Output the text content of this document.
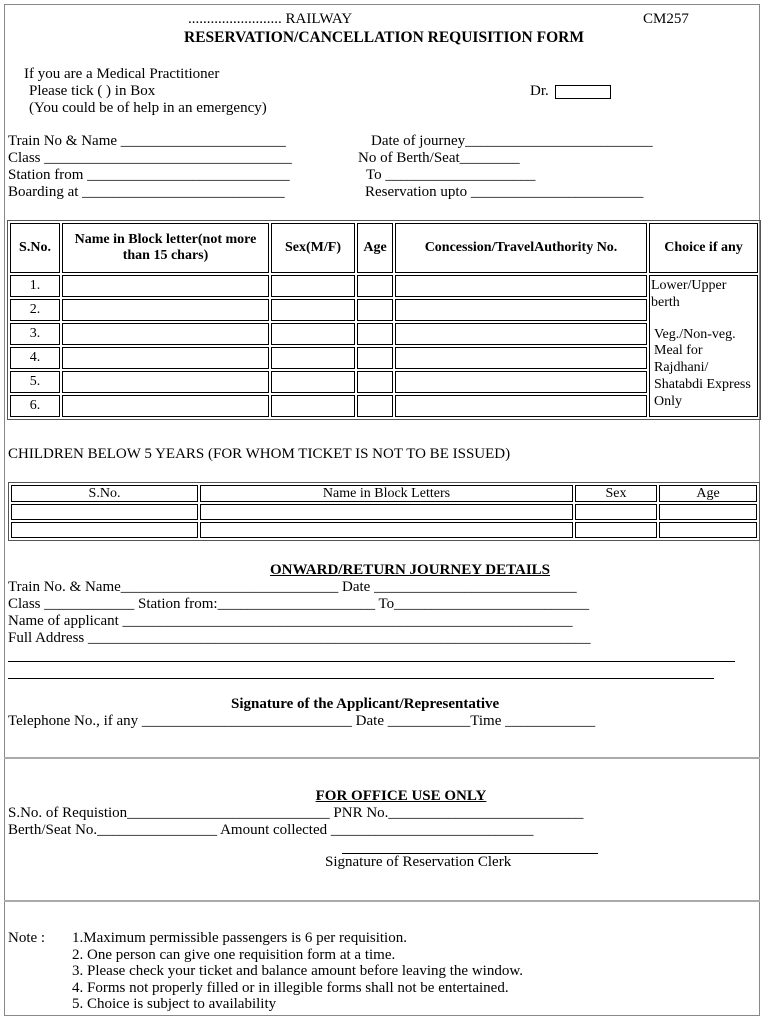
......................... RAILWAY	CM257
RESERVATION/CANCELLATION REQUISITION FORM
If you are a Medical Practitioner
Please tick ( ) in Box
(You could be of help in an emergency)
Dr.
Train No & Name ______________________	Date of journey_________________________
Class _________________________________	No of Berth/Seat________
Station from ___________________________	To ____________________
Boarding at ___________________________	Reservation upto _______________________
S.No.	Name in Block letter(not more than 15 chars)	Sex(M/F)	Age	Concession/TravelAuthority No.	Choice if any
1.					Lower/Upper berth
Veg./Non-veg. Meal for Rajdhani/ Shatabdi Express Only

2.					
3.					
4.					
5.					
6.					
CHILDREN BELOW 5 YEARS (FOR WHOM TICKET IS NOT TO BE ISSUED)
S.No.	Name in Block Letters	Sex	Age

ONWARD/RETURN JOURNEY DETAILS
Train No. & Name_____________________________ Date ___________________________
Class ____________ Station from:_____________________ To__________________________
Name of applicant ____________________________________________________________
Full Address ___________________________________________________________________
Signature of the Applicant/Representative
Telephone No., if any ____________________________ Date ___________Time ____________
FOR OFFICE USE ONLY
S.No. of Requistion___________________________ PNR No.__________________________
Berth/Seat No.________________ Amount collected ___________________________
Signature of Reservation Clerk
Note : 1.Maximum permissible passengers is 6 per requisition.
2. One person can give one requisition form at a time.
3. Please check your ticket and balance amount before leaving the window.
4. Forms not properly filled or in illegible forms shall not be entertained.
5. Choice is subject to availability
